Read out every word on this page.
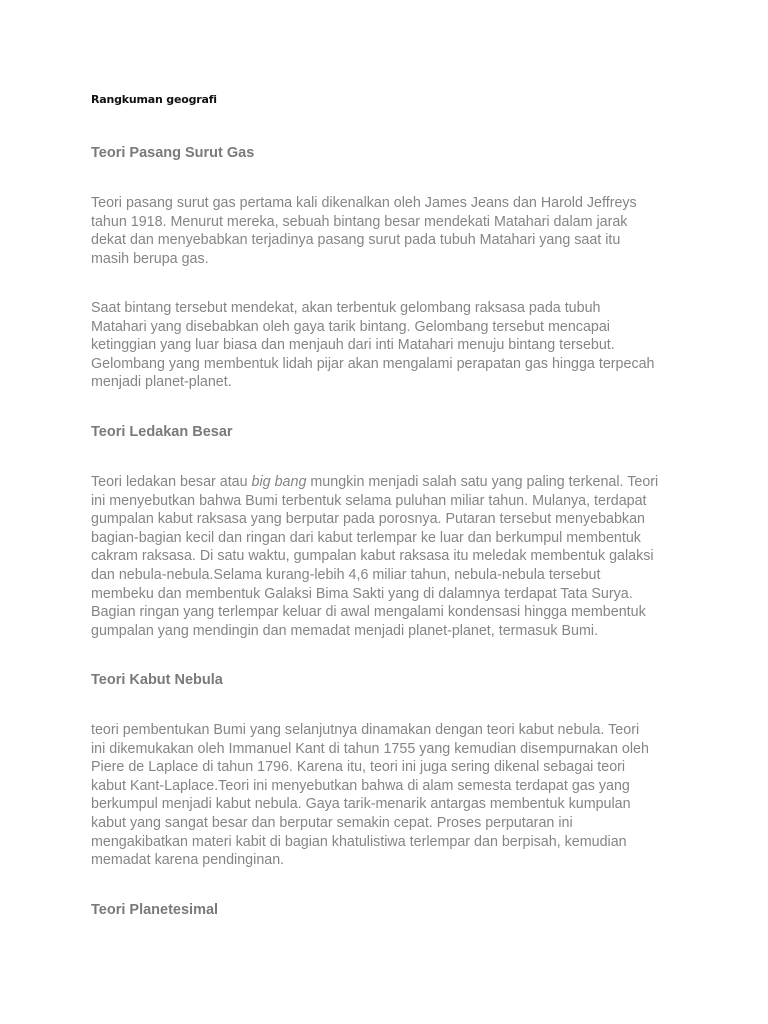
Rangkuman geografi
Teori Pasang Surut Gas

Teori pasang surut gas pertama kali dikenalkan oleh James Jeans dan Harold Jeffreys
tahun 1918. Menurut mereka, sebuah bintang besar mendekati Matahari dalam jarak
dekat dan menyebabkan terjadinya pasang surut pada tubuh Matahari yang saat itu
masih berupa gas.

Saat bintang tersebut mendekat, akan terbentuk gelombang raksasa pada tubuh
Matahari yang disebabkan oleh gaya tarik bintang. Gelombang tersebut mencapai
ketinggian yang luar biasa dan menjauh dari inti Matahari menuju bintang tersebut.
Gelombang yang membentuk lidah pijar akan mengalami perapatan gas hingga terpecah
menjadi planet-planet.

Teori Ledakan Besar

Teori ledakan besar atau big bang mungkin menjadi salah satu yang paling terkenal. Teori
ini menyebutkan bahwa Bumi terbentuk selama puluhan miliar tahun. Mulanya, terdapat
gumpalan kabut raksasa yang berputar pada porosnya. Putaran tersebut menyebabkan
bagian-bagian kecil dan ringan dari kabut terlempar ke luar dan berkumpul membentuk
cakram raksasa. Di satu waktu, gumpalan kabut raksasa itu meledak membentuk galaksi
dan nebula-nebula.Selama kurang-lebih 4,6 miliar tahun, nebula-nebula tersebut
membeku dan membentuk Galaksi Bima Sakti yang di dalamnya terdapat Tata Surya.
Bagian ringan yang terlempar keluar di awal mengalami kondensasi hingga membentuk
gumpalan yang mendingin dan memadat menjadi planet-planet, termasuk Bumi.

Teori Kabut Nebula

teori pembentukan Bumi yang selanjutnya dinamakan dengan teori kabut nebula. Teori
ini dikemukakan oleh Immanuel Kant di tahun 1755 yang kemudian disempurnakan oleh
Piere de Laplace di tahun 1796. Karena itu, teori ini juga sering dikenal sebagai teori
kabut Kant-Laplace.Teori ini menyebutkan bahwa di alam semesta terdapat gas yang
berkumpul menjadi kabut nebula. Gaya tarik-menarik antargas membentuk kumpulan
kabut yang sangat besar dan berputar semakin cepat. Proses perputaran ini
mengakibatkan materi kabit di bagian khatulistiwa terlempar dan berpisah, kemudian
memadat karena pendinginan.

Teori Planetesimal
